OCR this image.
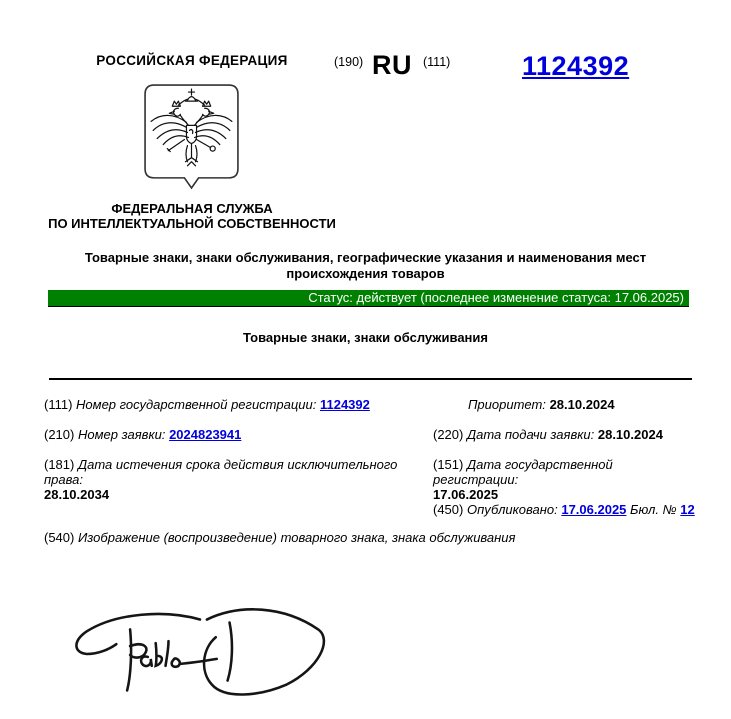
РОССИЙСКАЯ ФЕДЕРАЦИЯ	(190) RU (111)	1124392
ФЕДЕРАЛЬНАЯ СЛУЖБА
ПО ИНТЕЛЛЕКТУАЛЬНОЙ СОБСТВЕННОСТИ
Товарные знаки, знаки обслуживания, географические указания и наименования мест происхождения товаров
Статус: действует (последнее изменение статуса: 17.06.2025)
Товарные знаки, знаки обслуживания
(111) Номер государственной регистрации: 1124392	Приоритет: 28.10.2024
(210) Номер заявки: 2024823941	(220) Дата подачи заявки: 28.10.2024
(181) Дата истечения срока действия исключительного права:
28.10.2034
(151) Дата государственной регистрации:
17.06.2025
(450) Опубликовано: 17.06.2025 Бюл. № 12
(540) Изображение (воспроизведение) товарного знака, знака обслуживания
